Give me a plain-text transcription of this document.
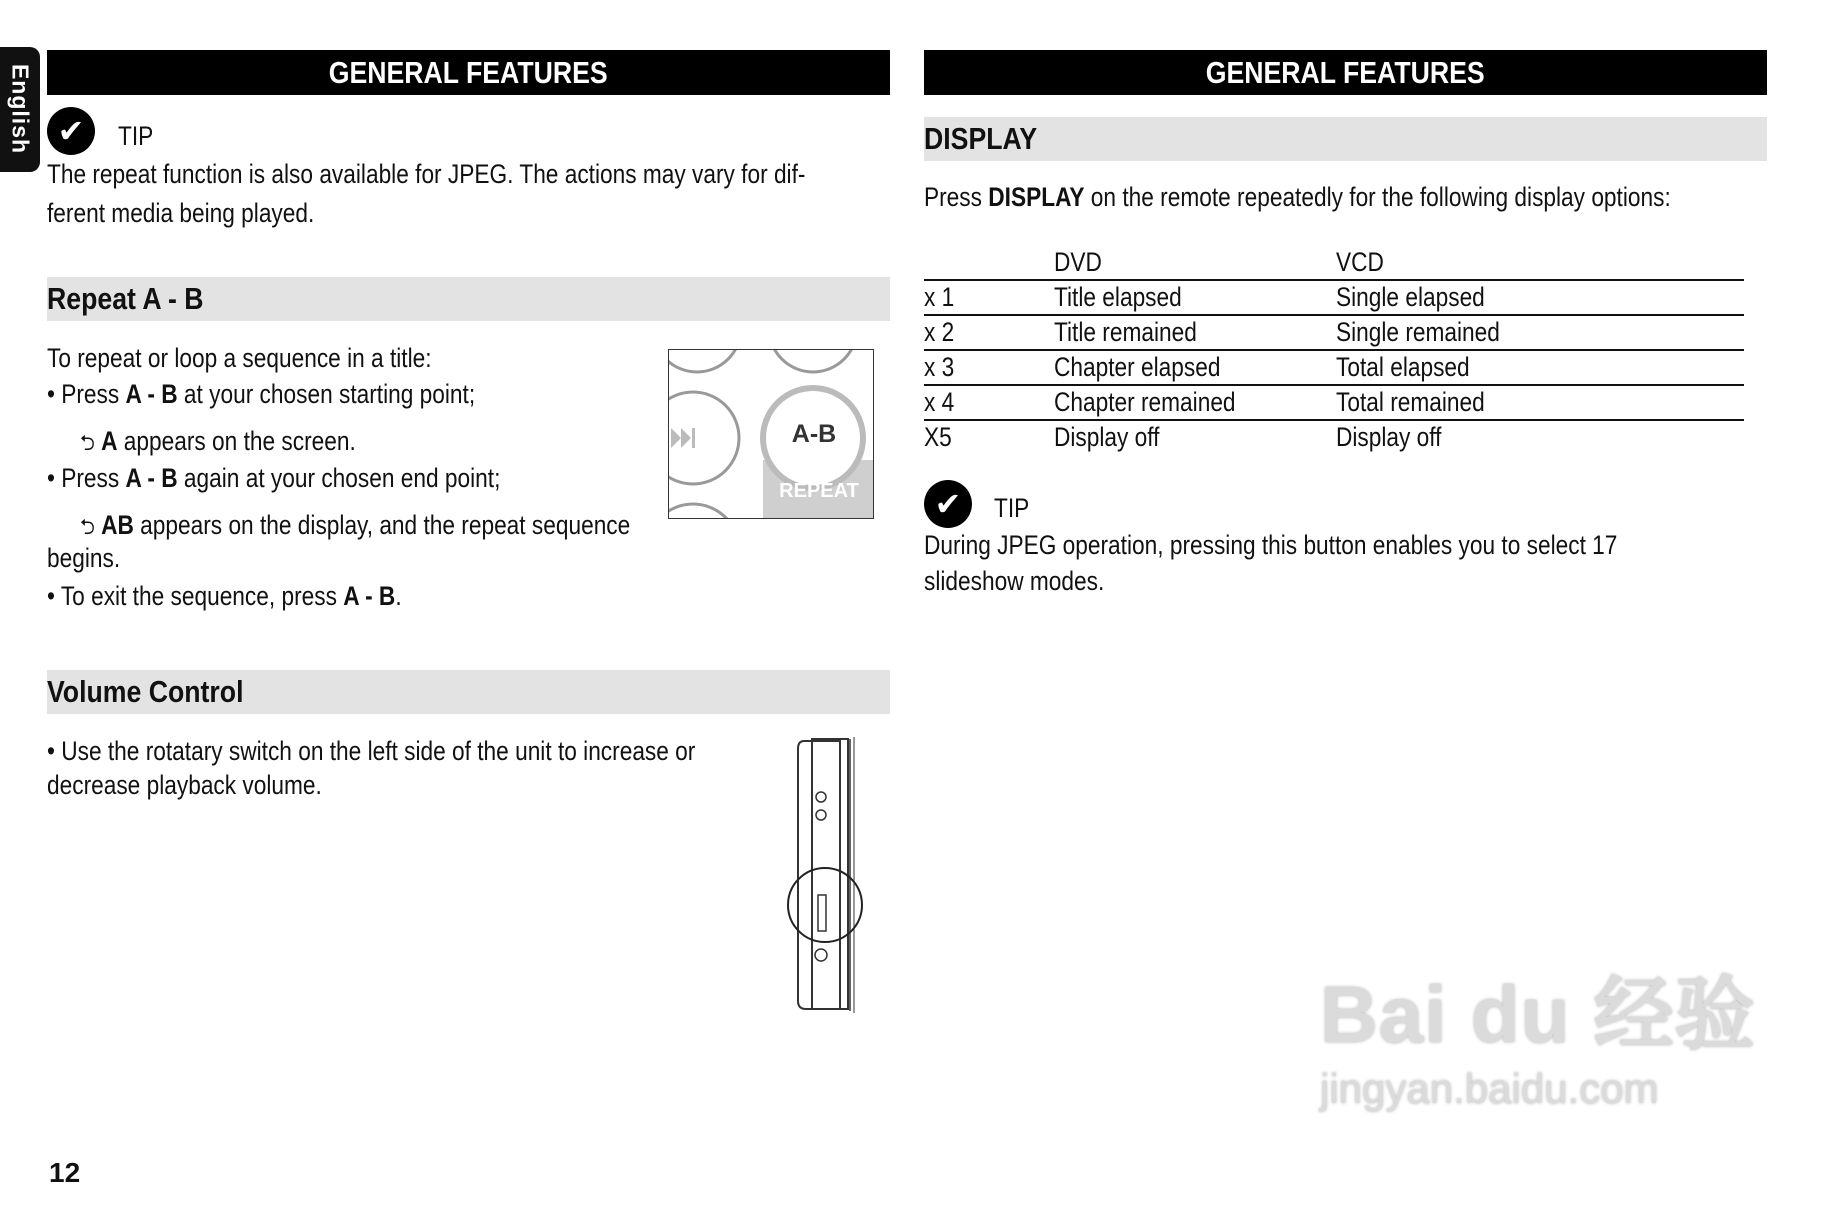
English	GENERAL FEATURES
✔	TIP
The repeat function is also available for JPEG. The actions may vary for dif-
ferent media being played.
Repeat A - B
To repeat or loop a sequence in a title:
• Press A - B at your chosen starting point;
⮌ A appears on the screen.
• Press A - B again at your chosen end point;
⮌ AB appears on the display, and the repeat sequence
begins.
• To exit the sequence, press A - B.
A-B
REPEAT
Volume Control
• Use the rotatary switch on the left side of the unit to increase or
decrease playback volume.
GENERAL FEATURES
DISPLAY
Press DISPLAY on the remote repeatedly for the following display options:
	DVD	VCD
x 1	Title elapsed	Single elapsed
x 2	Title remained	Single remained
x 3	Chapter elapsed	Total elapsed
x 4	Chapter remained	Total remained
X5	Display off	Display off
✔	TIP
During JPEG operation, pressing this button enables you to select 17
slideshow modes.
12
Bai du 经验
jingyan.baidu.com
